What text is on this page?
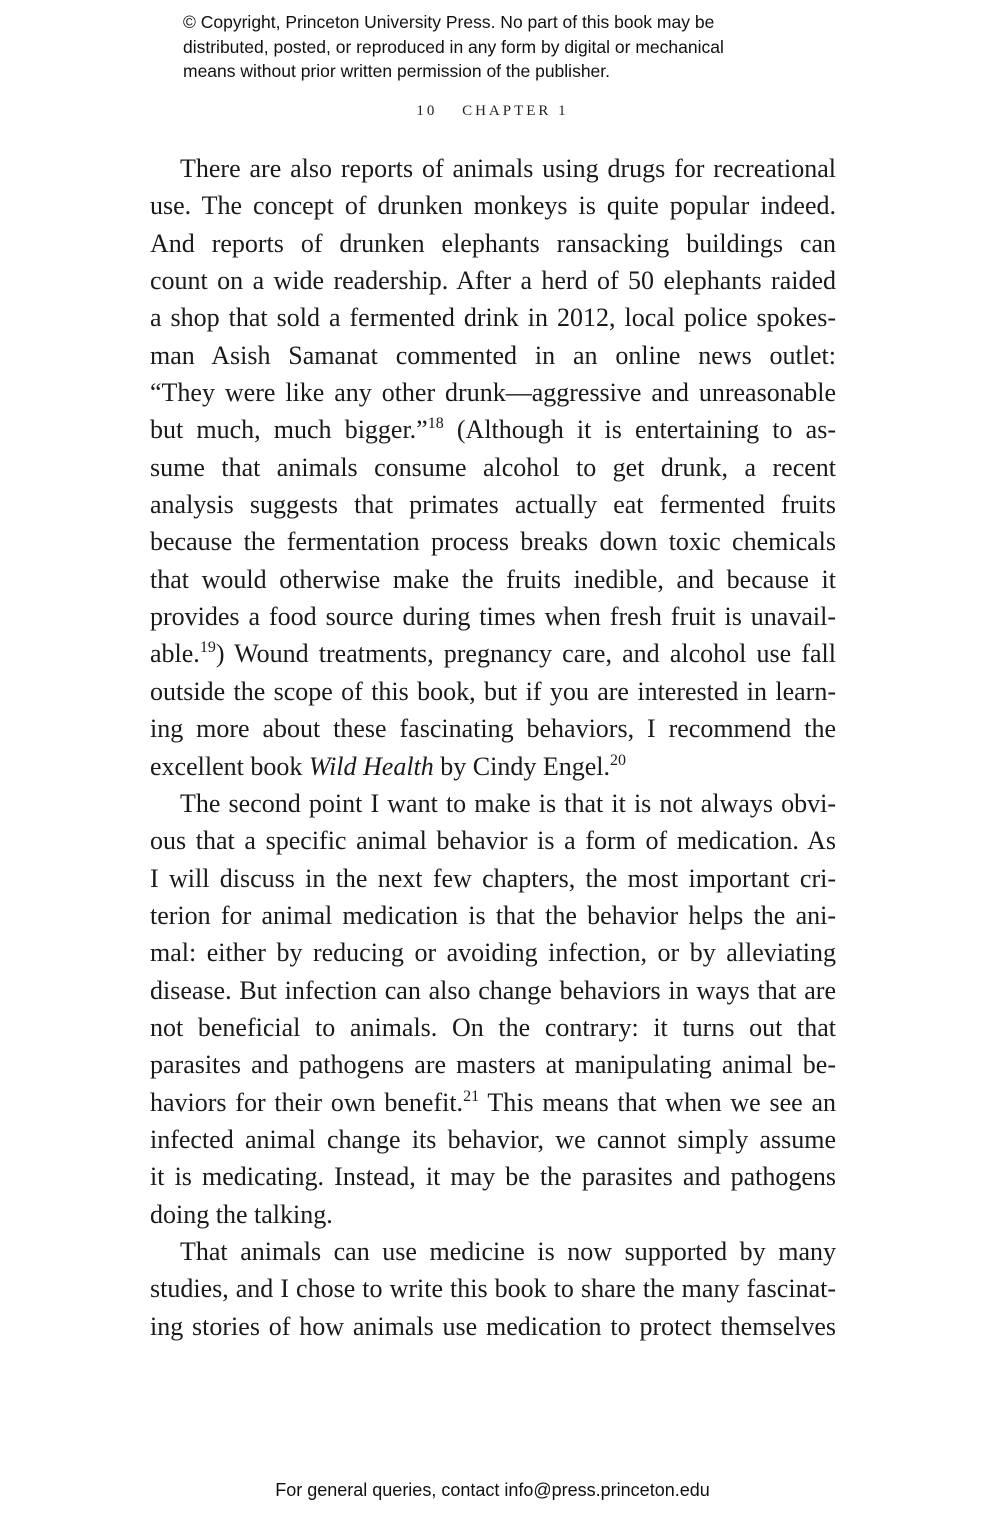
© Copyright, Princeton University Press. No part of this book may be
distributed, posted, or reproduced in any form by digital or mechanical
means without prior written permission of the publisher.
10 CHAPTER 1
There are also reports of animals using drugs for recreational
use. The concept of drunken monkeys is quite popular indeed.
And reports of drunken elephants ransacking buildings can
count on a wide readership. After a herd of 50 elephants raided
a shop that sold a fermented drink in 2012, local police spokes-
man Asish Samanat commented in an online news outlet:
“They were like any other drunk—aggressive and unreasonable
but much, much bigger.”$^{18}$ (Although it is entertaining to as-
sume that animals consume alcohol to get drunk, a recent
analysis suggests that primates actually eat fermented fruits
because the fermentation process breaks down toxic chemicals
that would otherwise make the fruits inedible, and because it
provides a food source during times when fresh fruit is unavail-
able.$^{19}$) Wound treatments, pregnancy care, and alcohol use fall
outside the scope of this book, but if you are interested in learn-
ing more about these fascinating behaviors, I recommend the
excellent book Wild Health by Cindy Engel.$^{20}$
The second point I want to make is that it is not always obvi-
ous that a specific animal behavior is a form of medication. As
I will discuss in the next few chapters, the most important cri-
terion for animal medication is that the behavior helps the ani-
mal: either by reducing or avoiding infection, or by alleviating
disease. But infection can also change behaviors in ways that are
not beneficial to animals. On the contrary: it turns out that
parasites and pathogens are masters at manipulating animal be-
haviors for their own benefit.$^{21}$ This means that when we see an
infected animal change its behavior, we cannot simply assume
it is medicating. Instead, it may be the parasites and pathogens
doing the talking.
That animals can use medicine is now supported by many
studies, and I chose to write this book to share the many fascinat-
ing stories of how animals use medication to protect themselves
For general queries, contact info@press.princeton.edu
